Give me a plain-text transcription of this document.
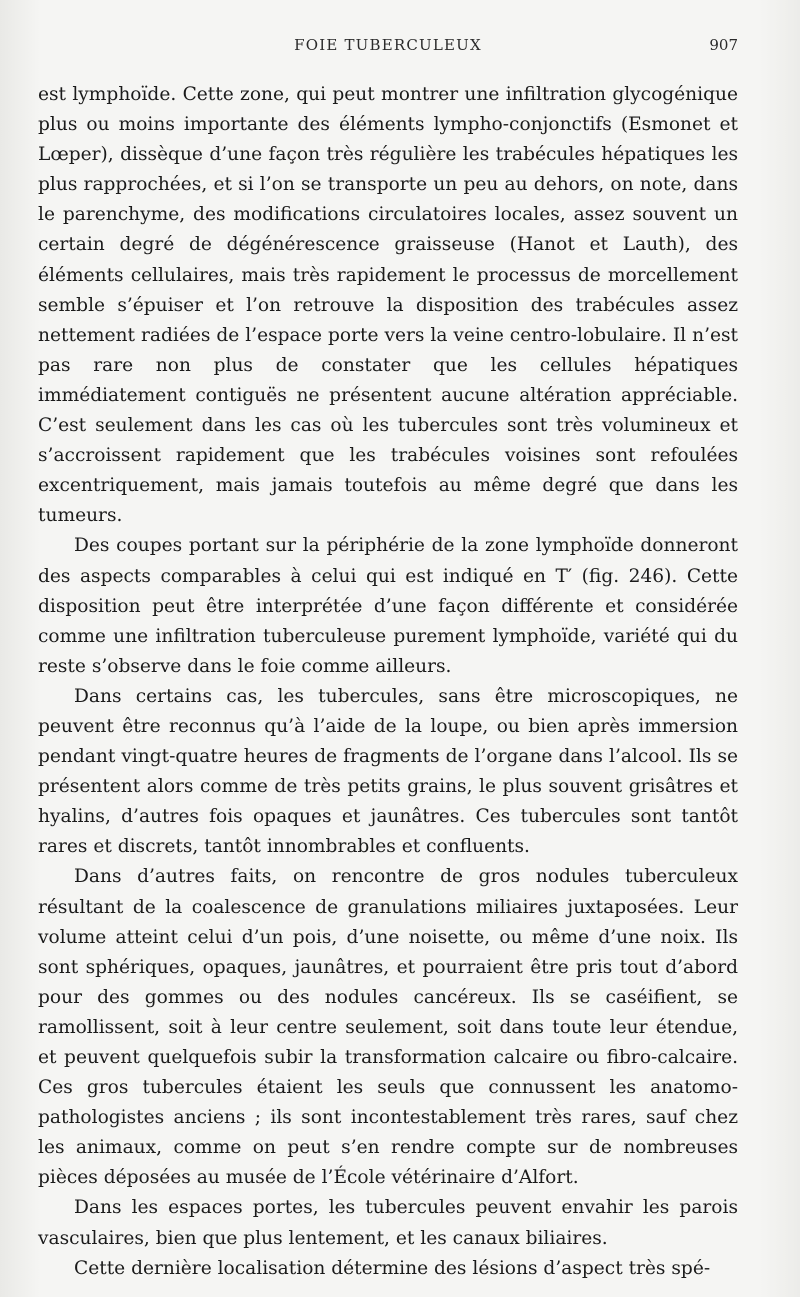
FOIE TUBERCULEUX	907

est lymphoïde. Cette zone, qui peut montrer une infiltration glycogénique plus ou moins importante des éléments lympho-conjonctifs (Esmonet et Lœper), dissèque d’une façon très régulière les trabécules hépatiques les plus rapprochées, et si l’on se transporte un peu au dehors, on note, dans le parenchyme, des modifications circulatoires locales, assez souvent un certain degré de dégénérescence graisseuse (Hanot et Lauth), des éléments cellulaires, mais très rapidement le processus de morcellement semble s’épuiser et l’on retrouve la disposition des trabécules assez nettement radiées de l’espace porte vers la veine centro-lobulaire. Il n’est pas rare non plus de constater que les cellules hépatiques immédiatement contiguës ne présentent aucune altération appréciable. C’est seulement dans les cas où les tubercules sont très volumineux et s’accroissent rapidement que les trabécules voisines sont refoulées excentriquement, mais jamais toutefois au même degré que dans les tumeurs.

Des coupes portant sur la périphérie de la zone lymphoïde donneront des aspects comparables à celui qui est indiqué en T′ (fig. 246). Cette disposition peut être interprétée d’une façon différente et considérée comme une infiltration tuberculeuse purement lymphoïde, variété qui du reste s’observe dans le foie comme ailleurs.

Dans certains cas, les tubercules, sans être microscopiques, ne peuvent être reconnus qu’à l’aide de la loupe, ou bien après immersion pendant vingt-quatre heures de fragments de l’organe dans l’alcool. Ils se présentent alors comme de très petits grains, le plus souvent grisâtres et hyalins, d’autres fois opaques et jaunâtres. Ces tubercules sont tantôt rares et discrets, tantôt innombrables et confluents.

Dans d’autres faits, on rencontre de gros nodules tuberculeux résultant de la coalescence de granulations miliaires juxtaposées. Leur volume atteint celui d’un pois, d’une noisette, ou même d’une noix. Ils sont sphériques, opaques, jaunâtres, et pourraient être pris tout d’abord pour des gommes ou des nodules cancéreux. Ils se caséifient, se ramollissent, soit à leur centre seulement, soit dans toute leur étendue, et peuvent quelquefois subir la transformation calcaire ou fibro-calcaire. Ces gros tubercules étaient les seuls que connussent les anatomo-pathologistes anciens ; ils sont incontestablement très rares, sauf chez les animaux, comme on peut s’en rendre compte sur de nombreuses pièces déposées au musée de l’École vétérinaire d’Alfort.

Dans les espaces portes, les tubercules peuvent envahir les parois vasculaires, bien que plus lentement, et les canaux biliaires.

Cette dernière localisation détermine des lésions d’aspect très spé-
